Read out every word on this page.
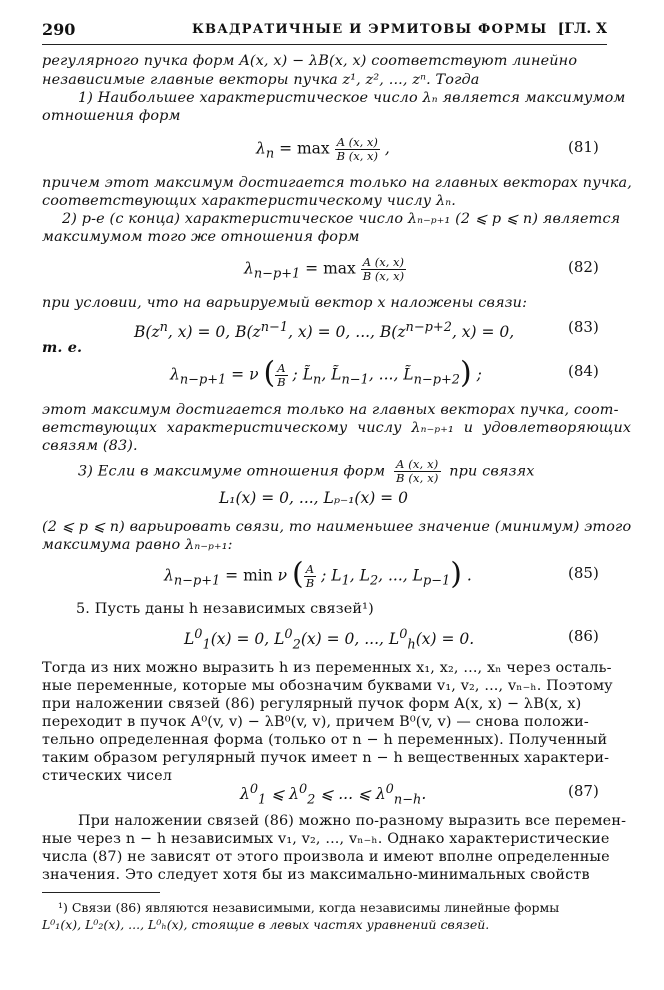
290	КВАДРАТИЧНЫЕ И ЭРМИТОВЫ ФОРМЫ [ГЛ. X
регулярного пучка форм A(x, x) − λB(x, x) соответствуют линейно
независимые главные векторы пучка z¹, z², ..., zⁿ. Тогда
1) Наибольшее характеристическое число λₙ является максимумом
отношения форм
$\lambda_n = \max \frac{A (x, x)}{B (x, x)}$ ,	(81)
причем этот максимум достигается только на главных векторах пучка,
соответствующих характеристическому числу λₙ.
2) p-е (с конца) характеристическое число λₙ₋ₚ₊₁ (2 ⩽ p ⩽ n) является
максимумом того же отношения форм
$\lambda_{n-p+1} = \max \frac{A (x, x)}{B (x, x)}$	(82)
при условии, что на варьируемый вектор x наложены связи:
$B(z^n$, x) = 0, $B(z^{n-1}$, x) = 0, ..., $B(z^{n-p+2}$, x) = 0,	(83)
т. е.
$\lambda_{n-p+1} = \nu$ ( $\frac{A}{B}$ ; $L̃_n$, $L̃_{n-1}$, ..., $L̃_{n-p+2}$) ;	(84)
этот максимум достигается только на главных векторах пучка, соот-
ветствующих характеристическому числу λₙ₋ₚ₊₁ и удовлетворяющих
связям (83).
3) Если в максимуме отношения форм $\frac{A (x, x)}{B (x, x)}$ при связях
L₁(x) = 0, ..., Lₚ₋₁(x) = 0
(2 ⩽ p ⩽ n) варьировать связи, то наименьшее значение (минимум) этого
максимума равно λₙ₋ₚ₊₁:
$\lambda_{n-p+1} = \min \nu$ ( $\frac{A}{B}$ ; $L_1$, $L_2$, ..., $L_{p-1}$) .	(85)
5. Пусть даны h независимых связей¹)
$L^0_1(x) = 0$, $L^0_2(x) = 0$, ..., $L^0_h(x) = 0$.	(86)
Тогда из них можно выразить h из переменных x₁, x₂, ..., xₙ через осталь-
ные переменные, которые мы обозначим буквами v₁, v₂, ..., vₙ₋ₕ. Поэтому
при наложении связей (86) регулярный пучок форм A(x, x) − λB(x, x)
переходит в пучок A⁰(v, v) − λB⁰(v, v), причем B⁰(v, v) — снова положи-
тельно определенная форма (только от n − h переменных). Полученный
таким образом регулярный пучок имеет n − h вещественных характери-
стических чисел
$\lambda^0_1$ ⩽ $\lambda^0_2$ ⩽ ... ⩽ $\lambda^0_{n-h}$.	(87)
При наложении связей (86) можно по-разному выразить все перемен-
ные через n − h независимых v₁, v₂, ..., vₙ₋ₕ. Однако характеристические
числа (87) не зависят от этого произвола и имеют вполне определенные
значения. Это следует хотя бы из максимально-минимальных свойств
¹) Связи (86) являются независимыми, когда независимы линейные формы
L⁰₁(x), L⁰₂(x), ..., L⁰ₕ(x), стоящие в левых частях уравнений связей.
